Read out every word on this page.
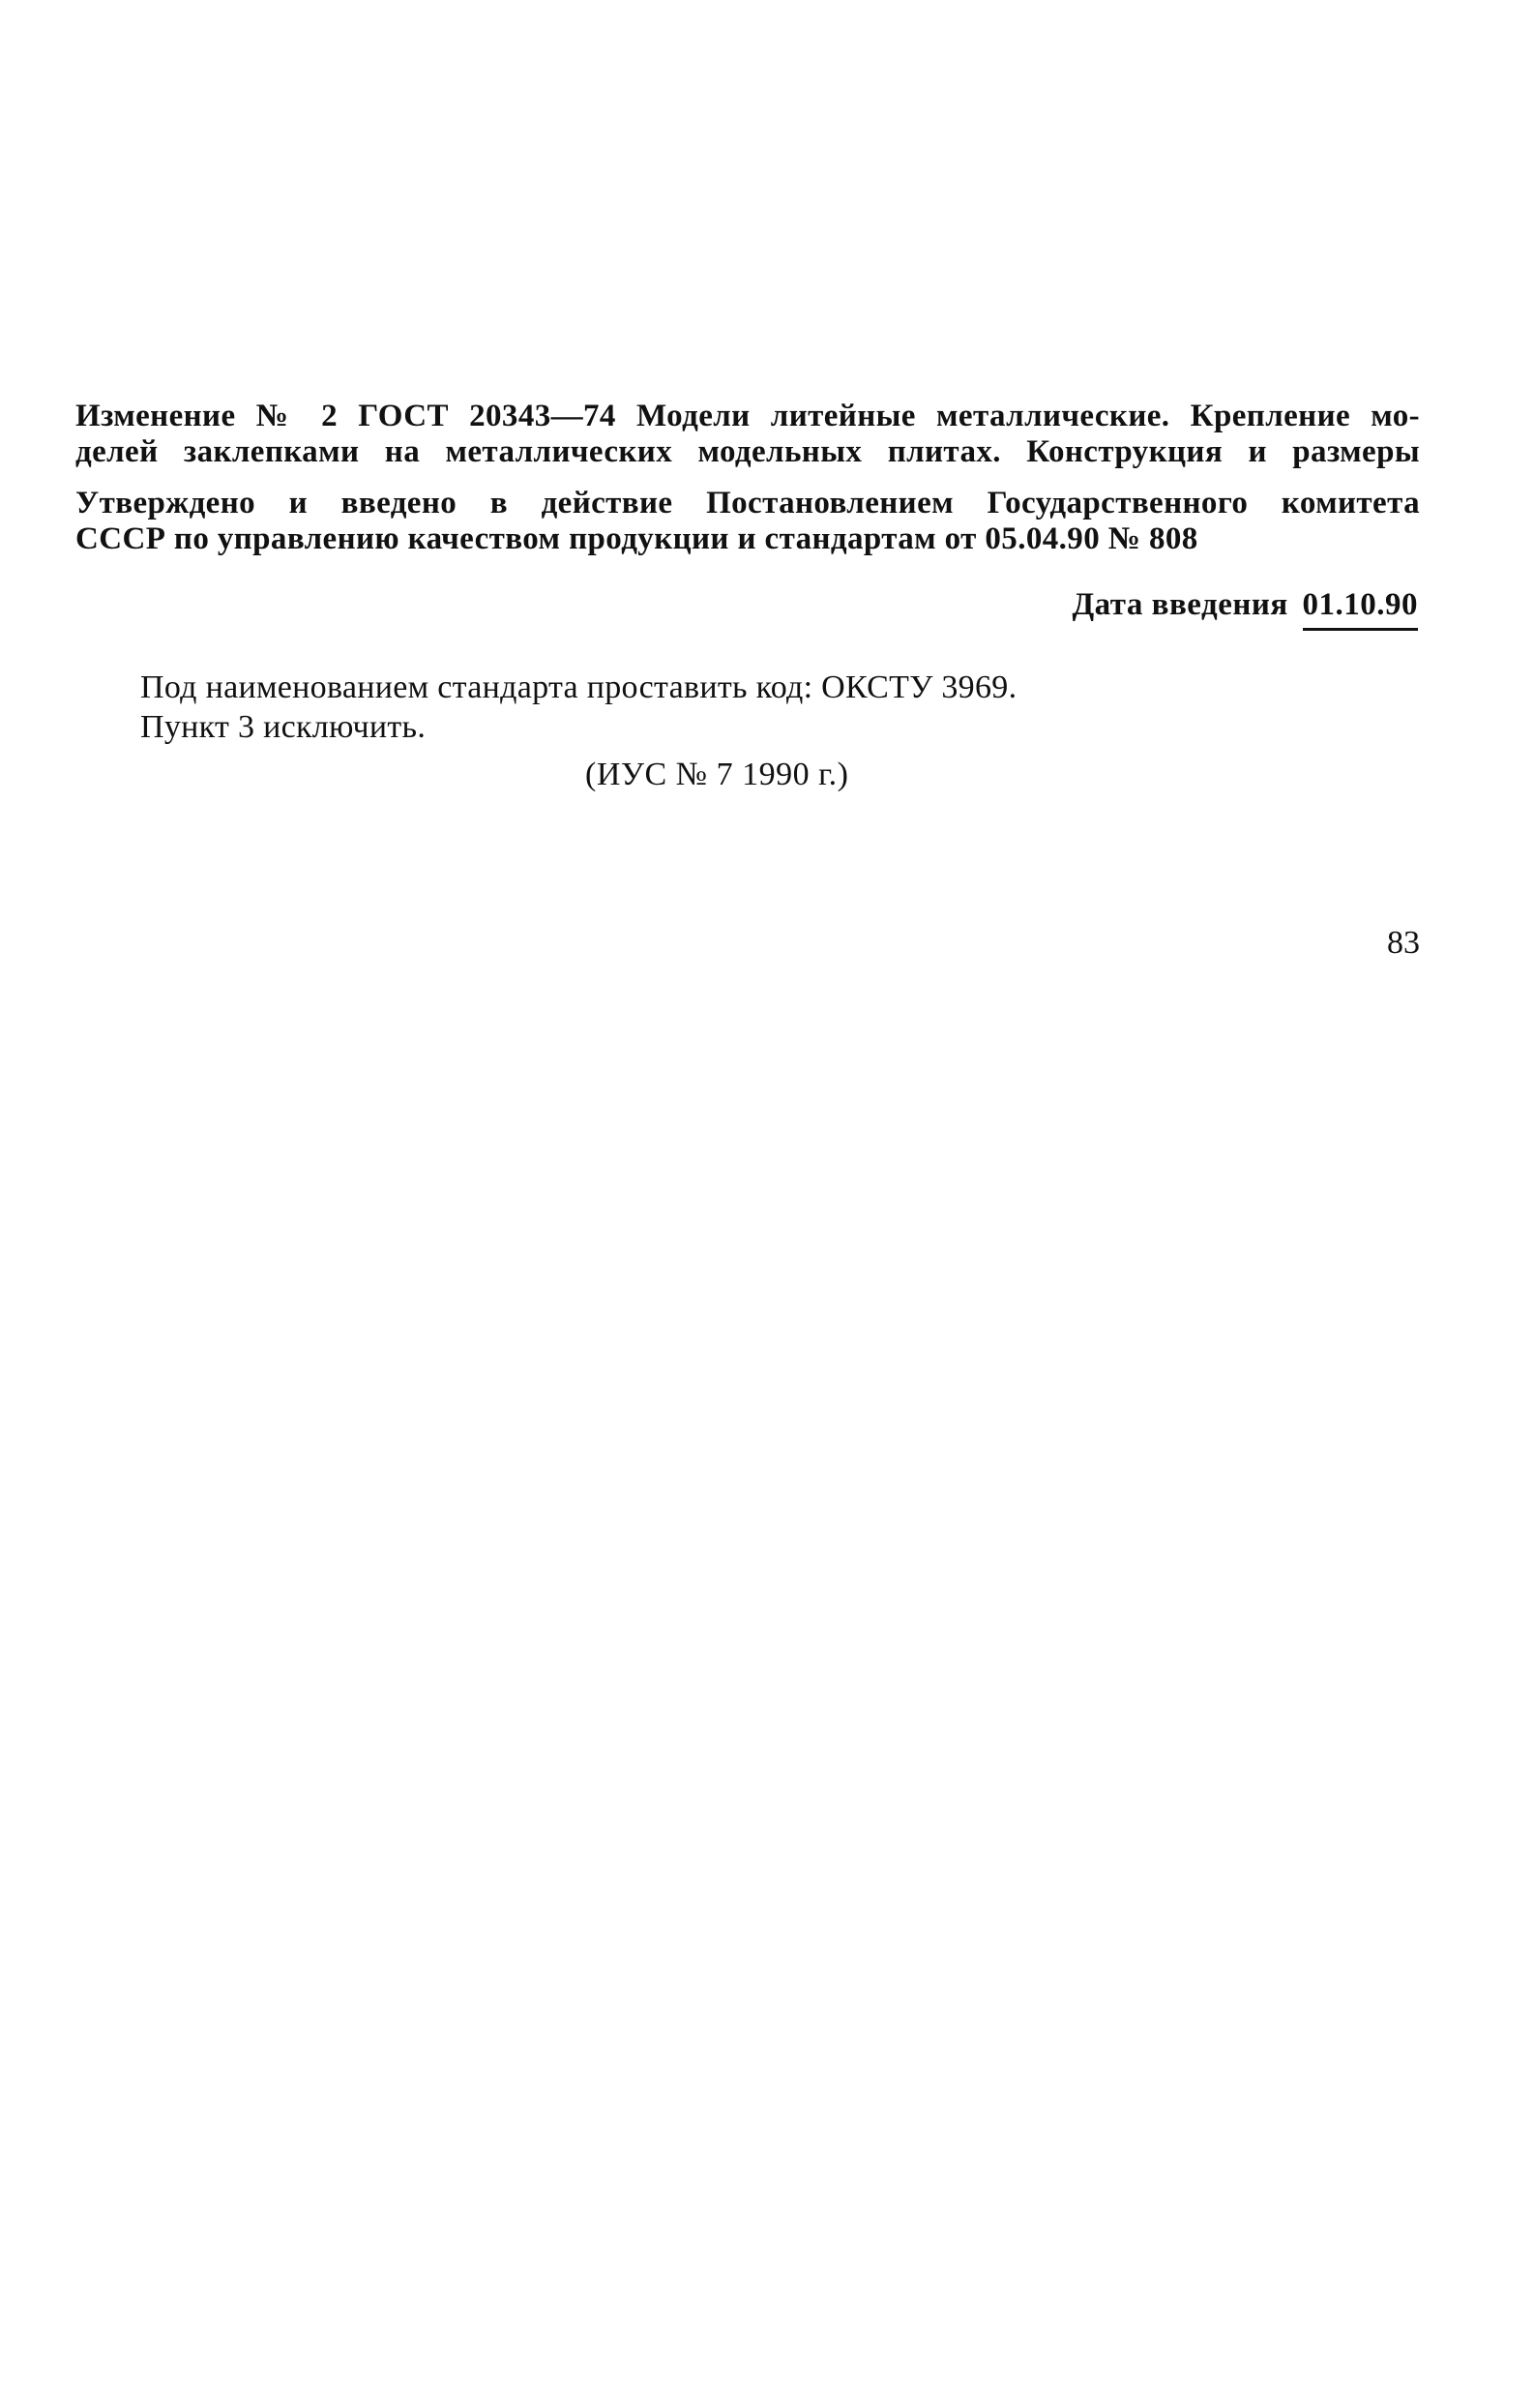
Изменение № 2 ГОСТ 20343—74 Модели литейные металлические. Крепление мо-
делей заклепками на металлических модельных плитах. Конструкция и размеры
Утверждено и введено в действие Постановлением Государственного комитета
СССР по управлению качеством продукции и стандартам от 05.04.90 № 808
Дата введения 01.10.90
Под наименованием стандарта проставить код: ОКСТУ 3969.
Пункт 3 исключить.
(ИУС № 7 1990 г.)
83
